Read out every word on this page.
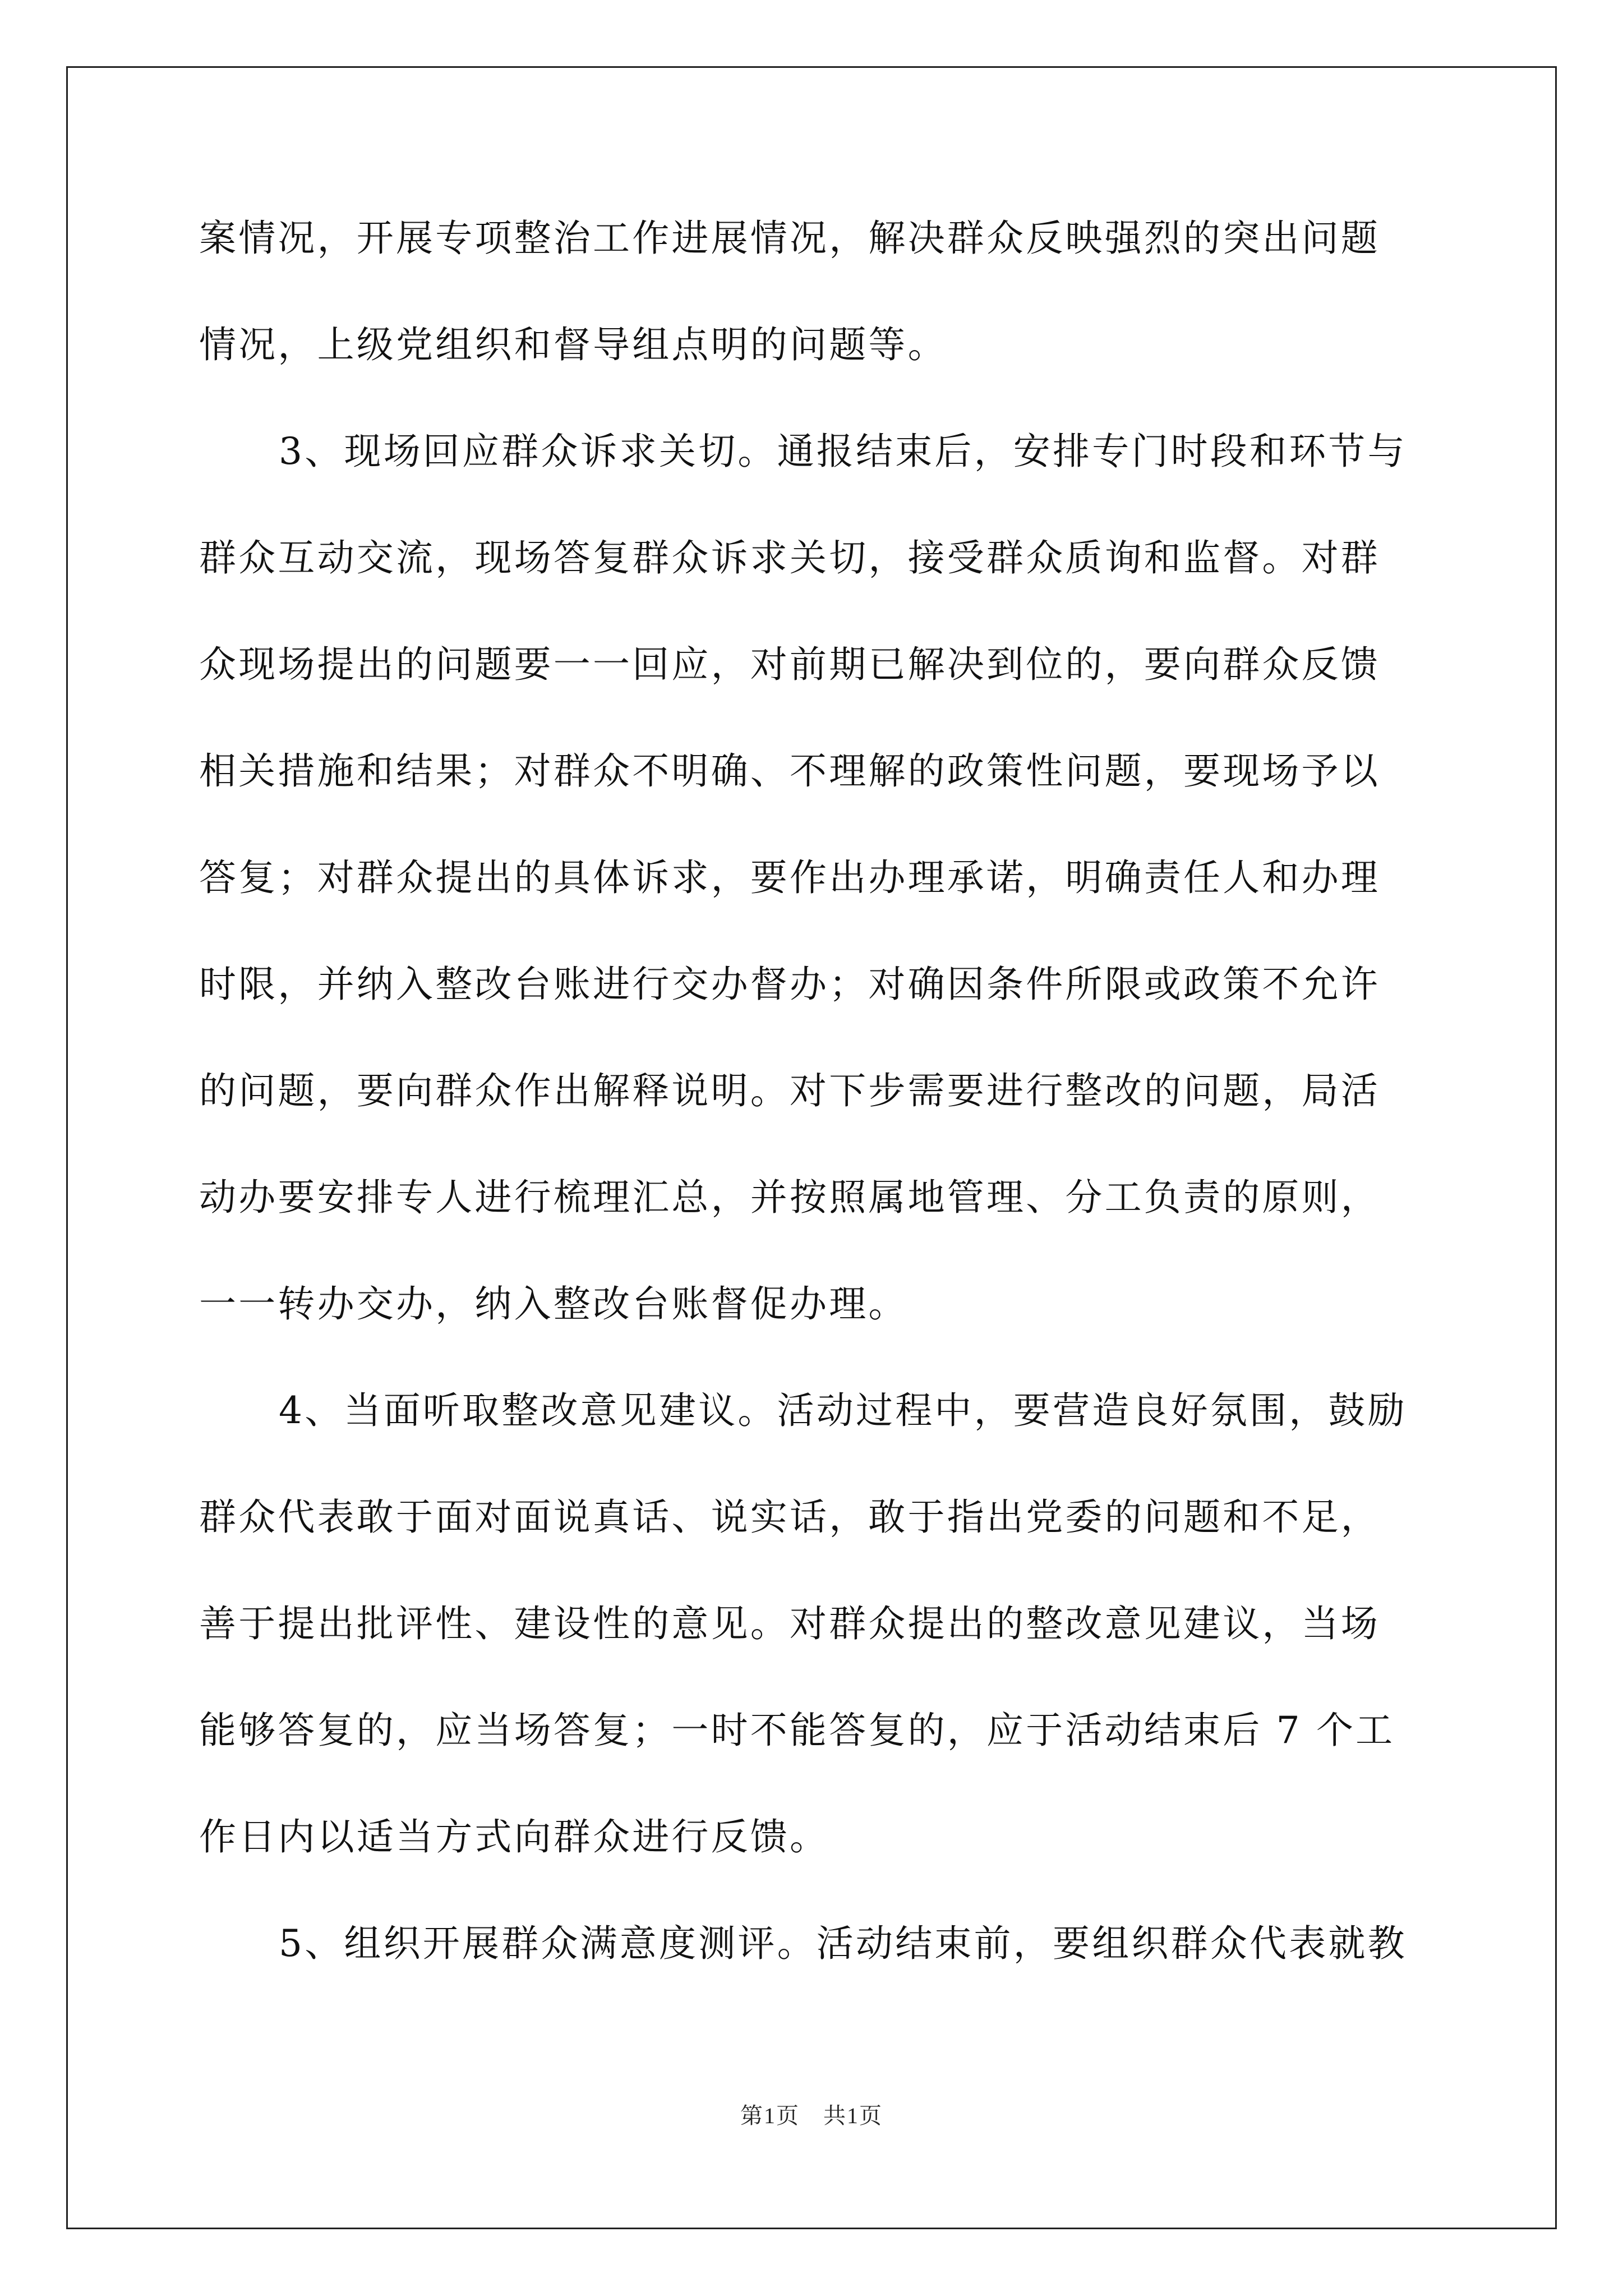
案情况，开展专项整治工作进展情况，解决群众反映强烈的突出问题
情况，上级党组织和督导组点明的问题等。
3、现场回应群众诉求关切。通报结束后，安排专门时段和环节与
群众互动交流，现场答复群众诉求关切，接受群众质询和监督。对群
众现场提出的问题要一一回应，对前期已解决到位的，要向群众反馈
相关措施和结果；对群众不明确、不理解的政策性问题，要现场予以
答复；对群众提出的具体诉求，要作出办理承诺，明确责任人和办理
时限，并纳入整改台账进行交办督办；对确因条件所限或政策不允许
的问题，要向群众作出解释说明。对下步需要进行整改的问题，局活
动办要安排专人进行梳理汇总，并按照属地管理、分工负责的原则，
一一转办交办，纳入整改台账督促办理。
4、当面听取整改意见建议。活动过程中，要营造良好氛围，鼓励
群众代表敢于面对面说真话、说实话，敢于指出党委的问题和不足，
善于提出批评性、建设性的意见。对群众提出的整改意见建议，当场
能够答复的，应当场答复；一时不能答复的，应于活动结束后 7 个工
作日内以适当方式向群众进行反馈。
5、组织开展群众满意度测评。活动结束前，要组织群众代表就教
第1页　共1页
